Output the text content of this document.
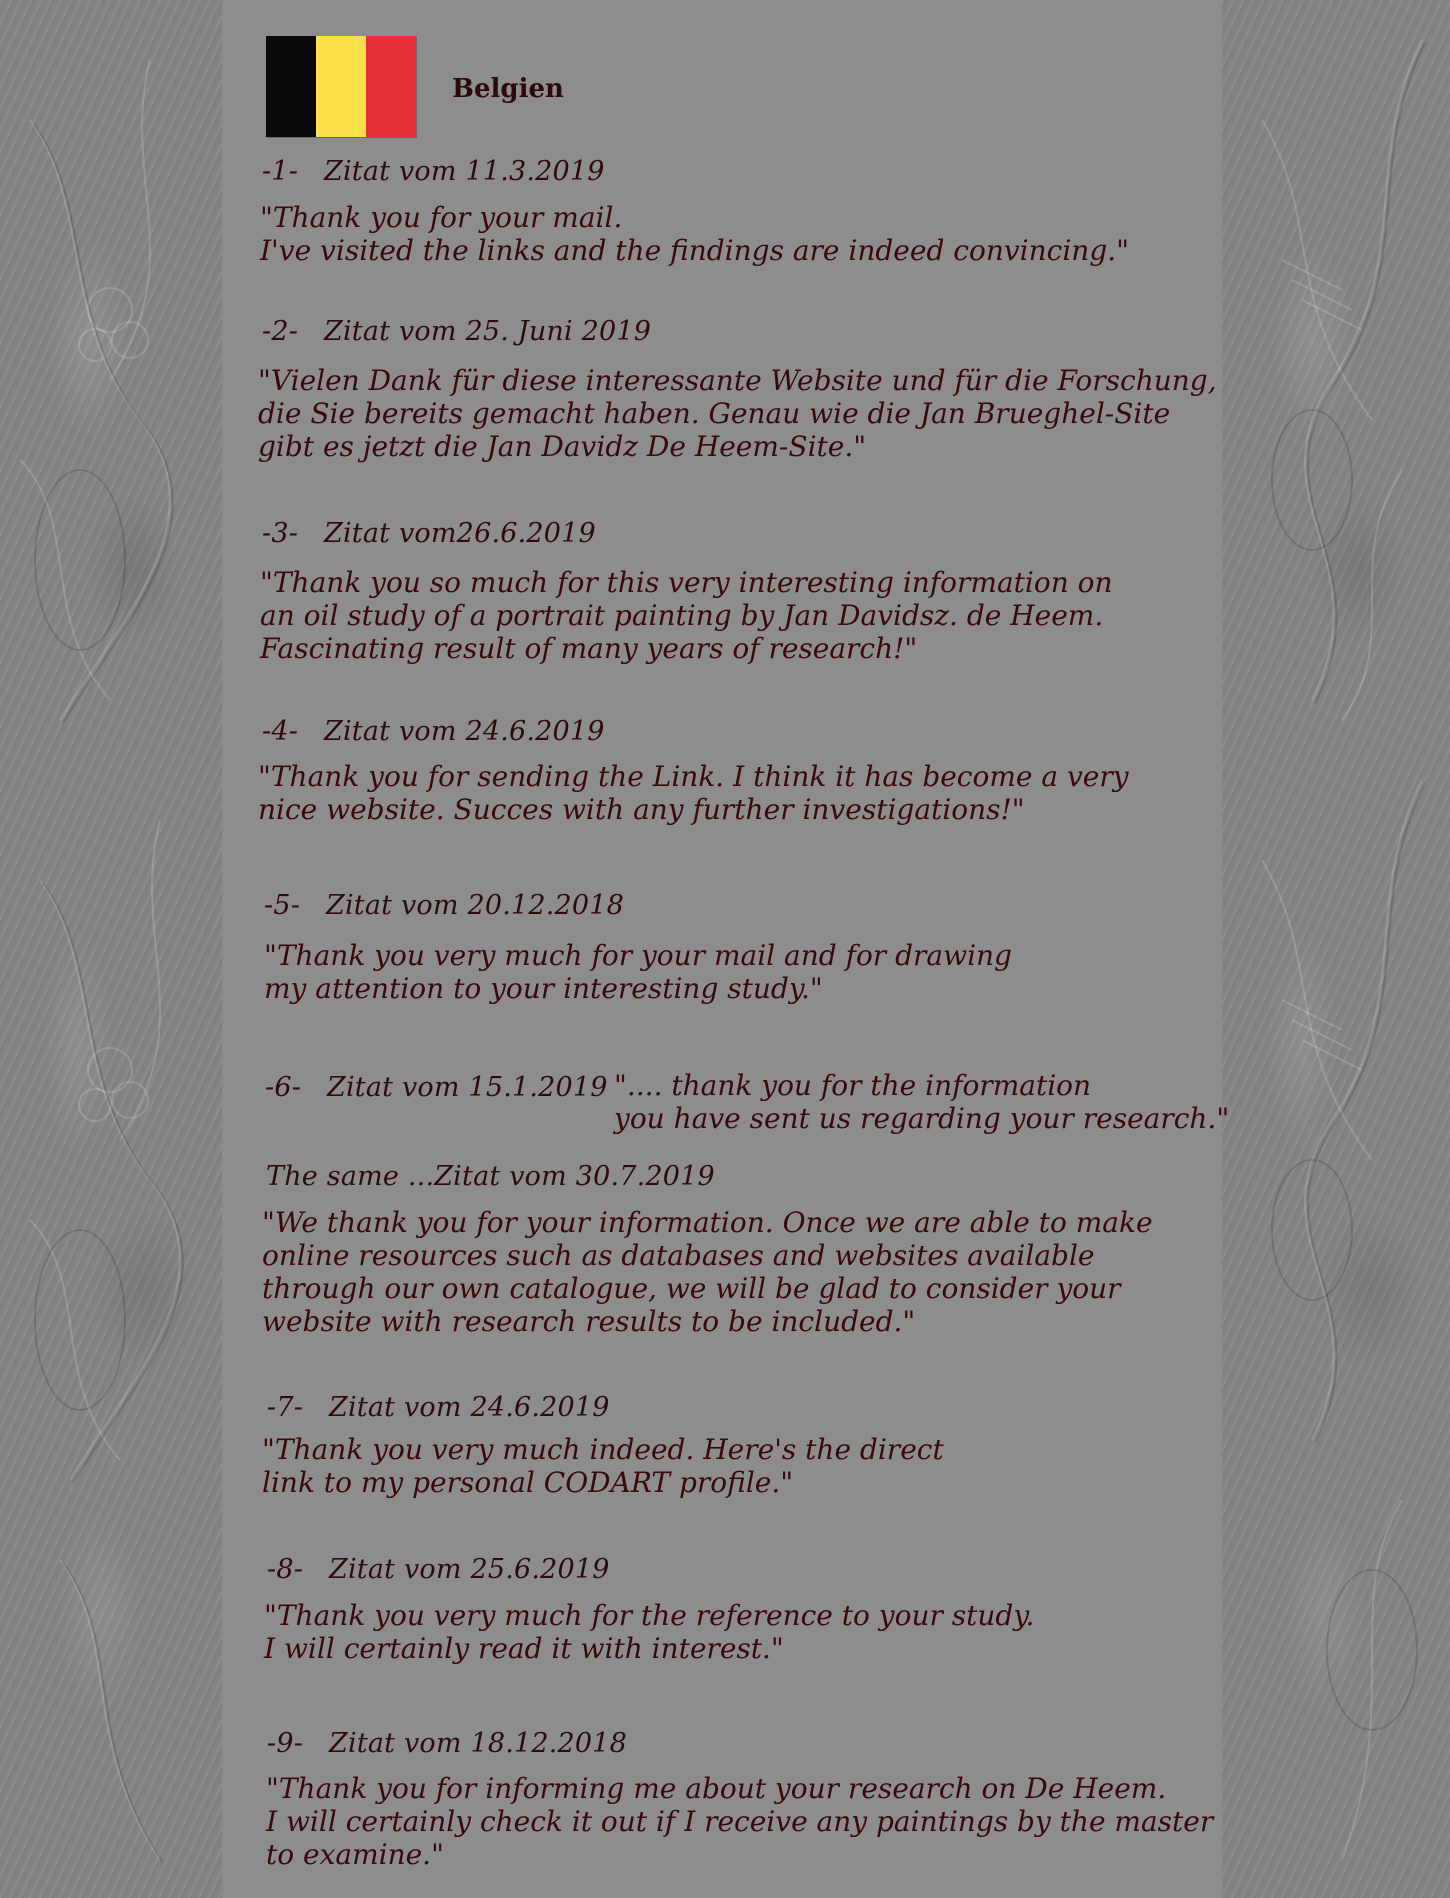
Belgien
-1- Zitat vom 11.3.2019
"Thank you for your mail.
I've visited the links and the findings are indeed convincing."
-2- Zitat vom 25. Juni 2019
"Vielen Dank für diese interessante Website und für die Forschung,
die Sie bereits gemacht haben. Genau wie die Jan Brueghel-Site
gibt es jetzt die Jan Davidz De Heem-Site."
-3- Zitat vom26.6.2019
"Thank you so much for this very interesting information on
an oil study of a portrait painting by Jan Davidsz. de Heem.
Fascinating result of many years of research!"
-4- Zitat vom 24.6.2019
"Thank you for sending the Link. I think it has become a very
nice website. Succes with any further investigations!"
-5- Zitat vom 20.12.2018
"Thank you very much for your mail and for drawing
my attention to your interesting study."
-6- Zitat vom 15.1.2019 ".... thank you for the information
you have sent us regarding your research."
The same ...Zitat vom 30.7.2019
"We thank you for your information. Once we are able to make
online resources such as databases and websites available
through our own catalogue, we will be glad to consider your
website with research results to be included."
-7- Zitat vom 24.6.2019
"Thank you very much indeed. Here's the direct
link to my personal CODART profile."
-8- Zitat vom 25.6.2019
"Thank you very much for the reference to your study.
I will certainly read it with interest."
-9- Zitat vom 18.12.2018
"Thank you for informing me about your research on De Heem.
I will certainly check it out if I receive any paintings by the master
to examine."
